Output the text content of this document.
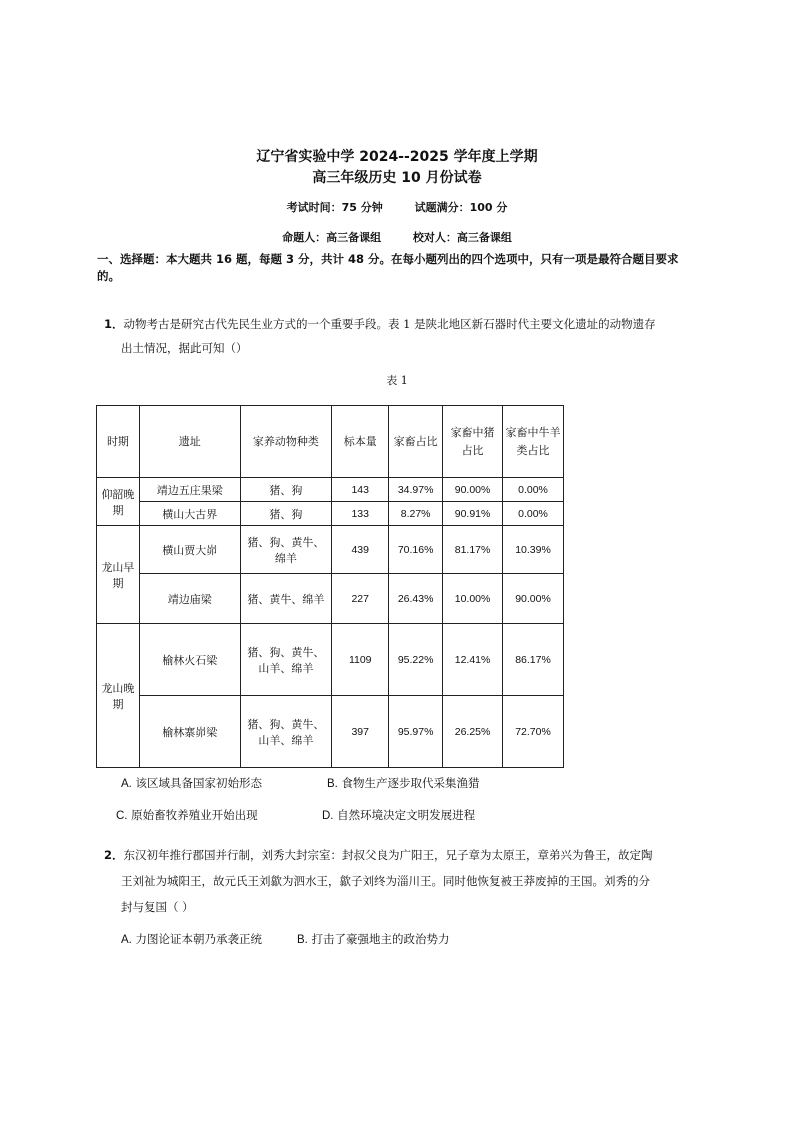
辽宁省实验中学 2024--2025 学年度上学期
高三年级历史 10 月份试卷
考试时间：75 分钟	试题满分：100 分
命题人：高三备课组	校对人：高三备课组
一、选择题：本大题共 16 题，每题 3 分，共计 48 分。在每小题列出的四个选项中，只有一项是最符合题目要求的。
1．动物考古是研究古代先民生业方式的一个重要手段。表 1 是陕北地区新石器时代主要文化遗址的动物遗存
出土情况，据此可知（）
表 1
时期	遗址	家养动物种类	标本量	家畜占比	家畜中猪占比	家畜中牛羊类占比
仰韶晚期	靖边五庄果梁	猪、狗	143	34.97%	90.00%	0.00%
	横山大古界	猪、狗	133	8.27%	90.91%	0.00%
龙山早期	横山贾大峁	猪、狗、黄牛、绵羊	439	70.16%	81.17%	10.39%
	靖边庙梁	猪、黄牛、绵羊	227	26.43%	10.00%	90.00%
龙山晚期	榆林火石梁	猪、狗、黄牛、山羊、绵羊	1109	95.22%	12.41%	86.17%
	榆林寨峁梁	猪、狗、黄牛、山羊、绵羊	397	95.97%	26.25%	72.70%
A. 该区域具备国家初始形态	B. 食物生产逐步取代采集渔猎
C. 原始畜牧养殖业开始出现	D. 自然环境决定文明发展进程
2．东汉初年推行郡国并行制，刘秀大封宗室：封叔父良为广阳王，兄子章为太原王，章弟兴为鲁王，故定陶
王刘祉为城阳王，故元氏王刘歙为泗水王，歙子刘终为淄川王。同时他恢复被王莽废掉的王国。刘秀的分
封与复国（ ）
A. 力图论证本朝乃承袭正统	B. 打击了豪强地主的政治势力
